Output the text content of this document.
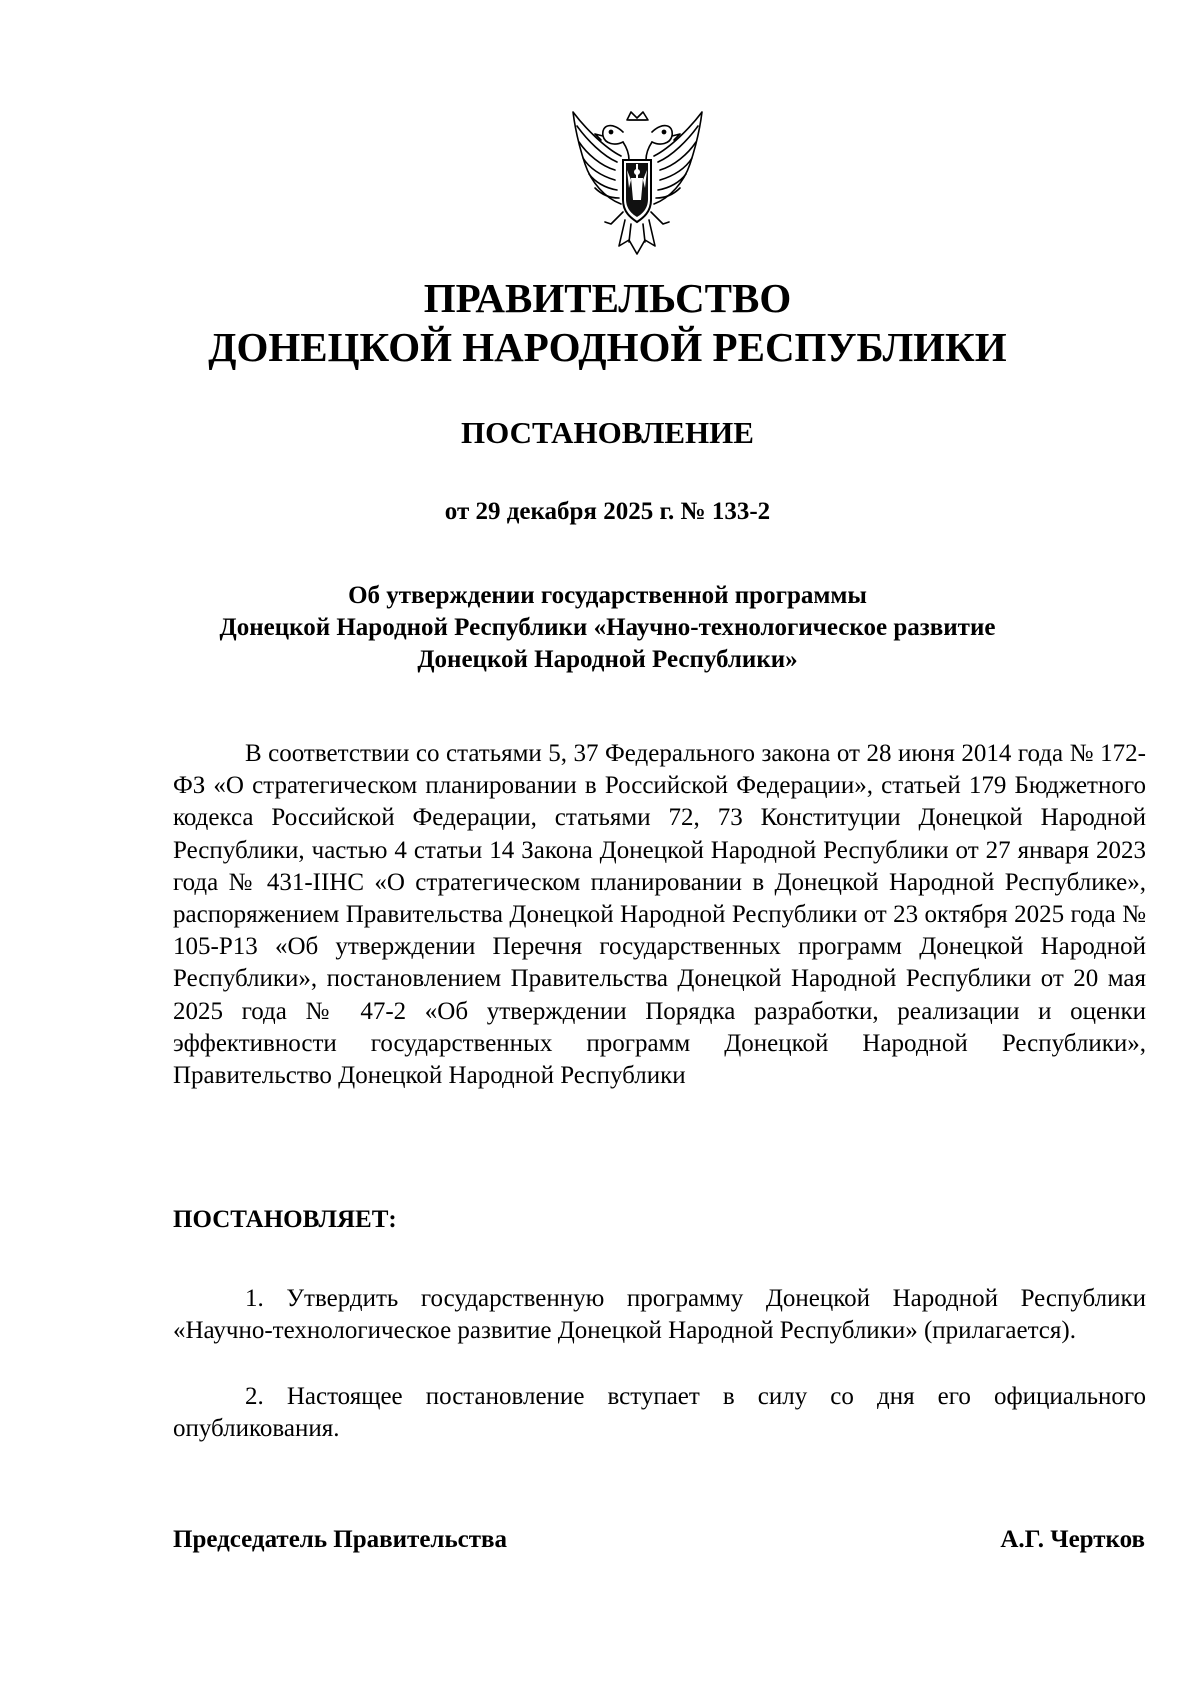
ПРАВИТЕЛЬСТВО
ДОНЕЦКОЙ НАРОДНОЙ РЕСПУБЛИКИ
ПОСТАНОВЛЕНИЕ
от 29 декабря 2025 г. № 133-2
Об утверждении государственной программы
Донецкой Народной Республики «Научно-технологическое развитие
Донецкой Народной Республики»

В соответствии со статьями 5, 37 Федерального закона от 28 июня 2014 года № 172-ФЗ «О стратегическом планировании в Российской Федерации», статьей 179 Бюджетного кодекса Российской Федерации, статьями 72, 73 Конституции Донецкой Народной Республики, частью 4 статьи 14 Закона Донецкой Народной Республики от 27 января 2023 года № 431-IIНС «О стратегическом планировании в Донецкой Народной Республике», распоряжением Правительства Донецкой Народной Республики от 23 октября 2025 года № 105-Р13 «Об утверждении Перечня государственных программ Донецкой Народной Республики», постановлением Правительства Донецкой Народной Республики от 20 мая 2025 года № 47-2 «Об утверждении Порядка разработки, реализации и оценки эффективности государственных программ Донецкой Народной Республики», Правительство Донецкой Народной Республики

ПОСТАНОВЛЯЕТ:

1. Утвердить государственную программу Донецкой Народной Республики «Научно-технологическое развитие Донецкой Народной Республики» (прилагается).

2. Настоящее постановление вступает в силу со дня его официального опубликования.

Председатель Правительства	А.Г. Чертков
